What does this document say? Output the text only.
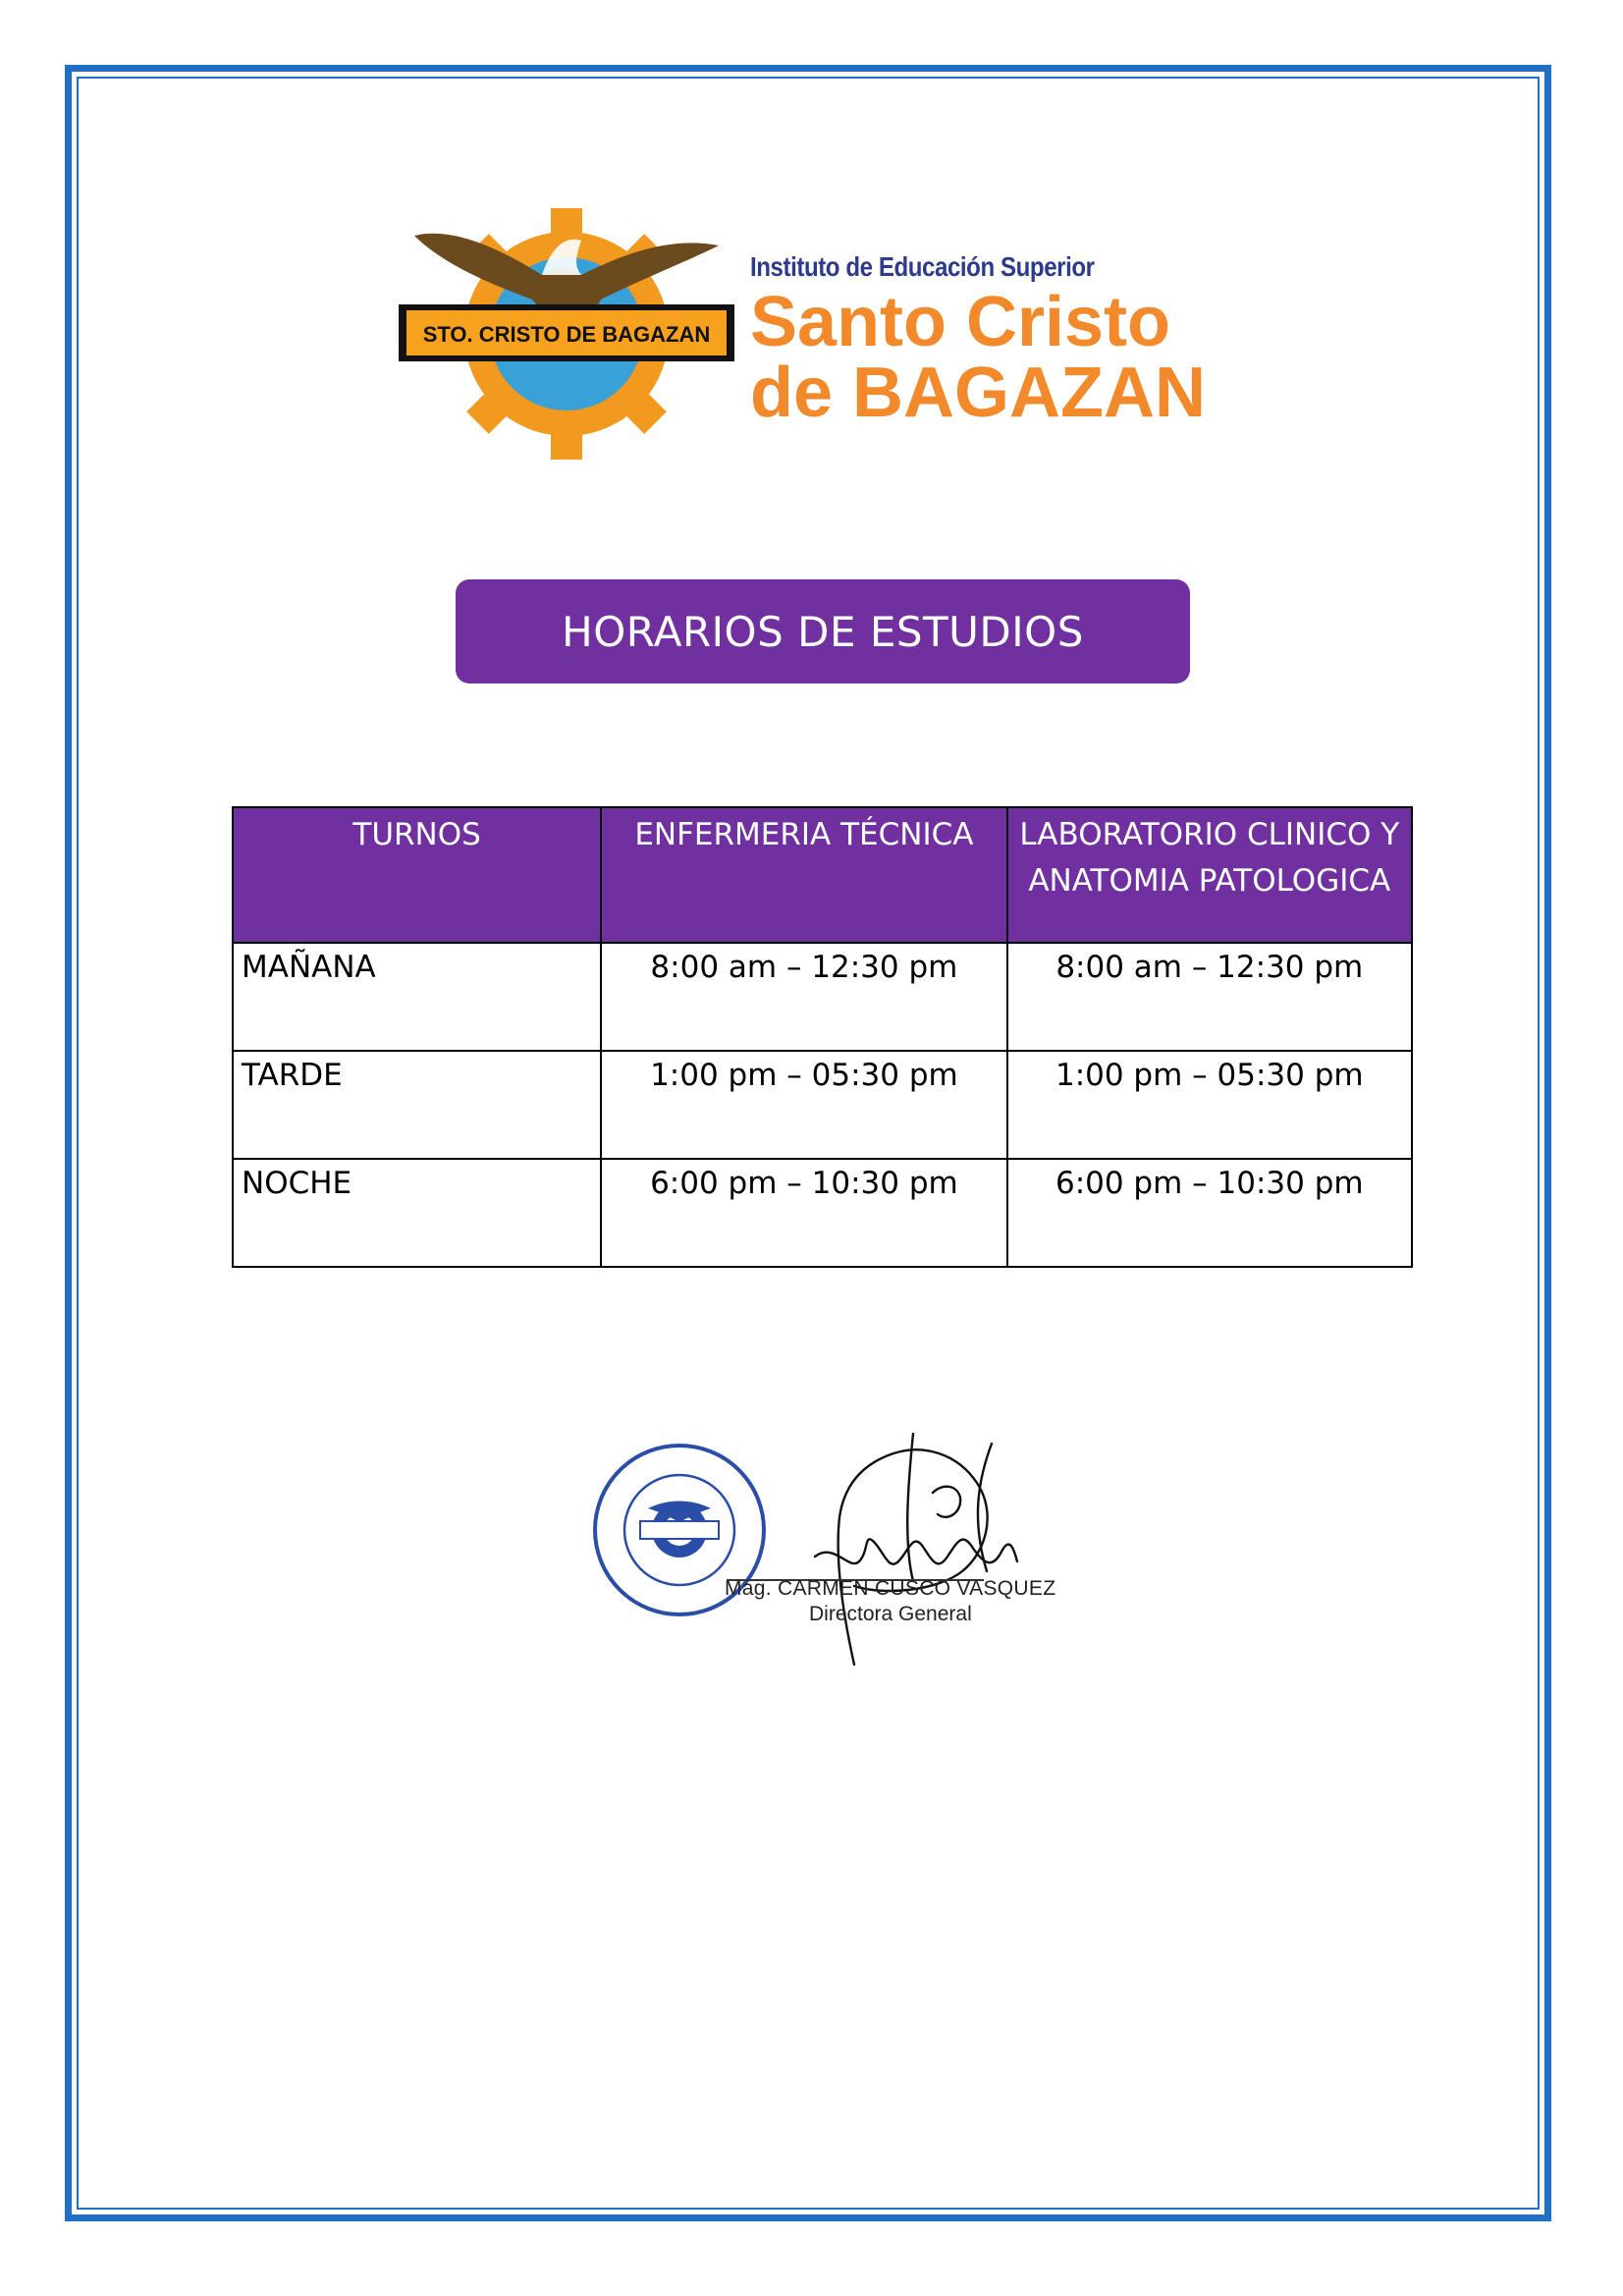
STO. CRISTO DE BAGAZAN

Instituto de Educación Superior

Santo Cristo

de BAGAZAN

HORARIOS DE ESTUDIOS
TURNOS	ENFERMERIA TÉCNICA	LABORATORIO CLINICO Y ANATOMIA PATOLOGICA
MAÑANA	8:00 am – 12:30 pm	8:00 am – 12:30 pm
TARDE	1:00 pm – 05:30 pm	1:00 pm – 05:30 pm
NOCHE	6:00 pm – 10:30 pm	6:00 pm – 10:30 pm
Mag. CARMEN CUSCO VASQUEZ
Directora General
